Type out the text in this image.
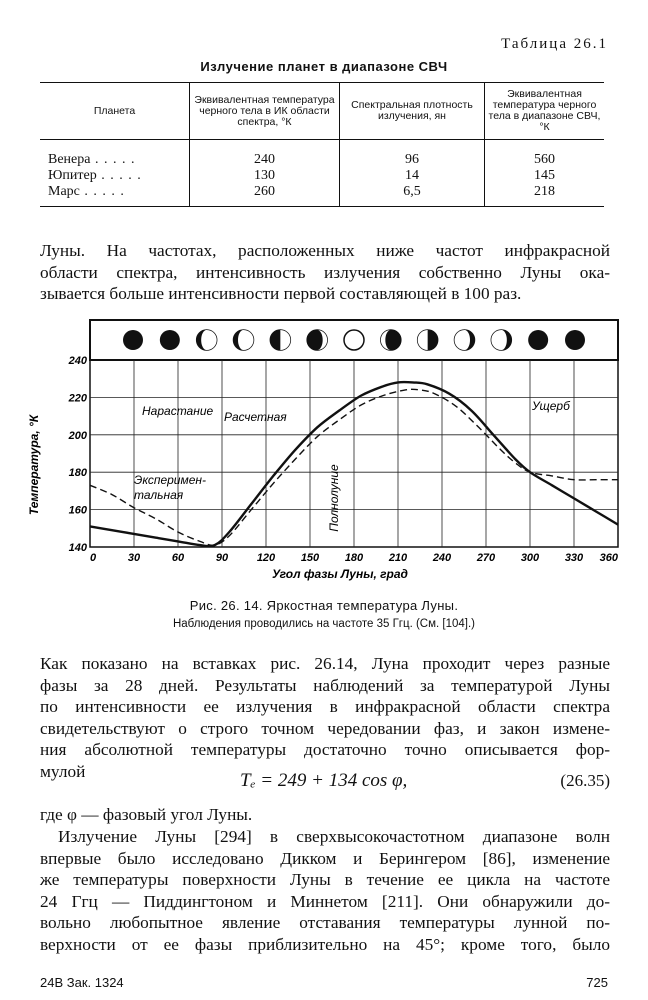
Таблица 26.1
Излучение планет в диапазоне СВЧ
Планета	Эквивалентная температура черного тела в ИК области спектра, °К	Спектральная плотность излучения, ян	Эквивалентная температура черного тела в диапазоне СВЧ, °К
Венера . . .	240	96	560
Юпитер . . .	130	14	145
Марс . . .	260	6,5	218
Луны. На частотах, расположенных ниже частот инфракрасной
области спектра, интенсивность излучения собственно Луны ока-
зывается больше интенсивности первой составляющей в 100 раз.
140
160
180
200
220
240
0	30	60	90	120 150 180 210 240 270 300 330 360
Температура, °К
Угол фазы Луны, град
Нарастание Расчетная
Ущерб
Эксперимен-
тальная	Полнолуние
Рис. 26. 14. Яркостная температура Луны.
Наблюдения проводились на частоте 35 Ггц. (См. [104].)
Как показано на вставках рис. 26.14, Луна проходит через разные
фазы за 28 дней. Результаты наблюдений за температурой Луны
по интенсивности ее излучения в инфракрасной области спектра
свидетельствуют о строго точном чередовании фаз, и закон измене-
ния абсолютной температуры достаточно точно описывается фор-
мулой	Tₑ = 249 + 134 cos φ,	(26.35)
где φ — фазовый угол Луны.
Излучение Луны [294] в сверхвысокочастотном диапазоне волн
впервые было исследовано Дикком и Берингером [86], изменение
же температуры поверхности Луны в течение ее цикла на частоте
24 Ггц — Пиддингтоном и Миннетом [211]. Они обнаружили до-
вольно любопытное явление отставания температуры лунной по-
верхности от ее фазы приблизительно на 45°; кроме того, было
24В Зак. 1324	725
